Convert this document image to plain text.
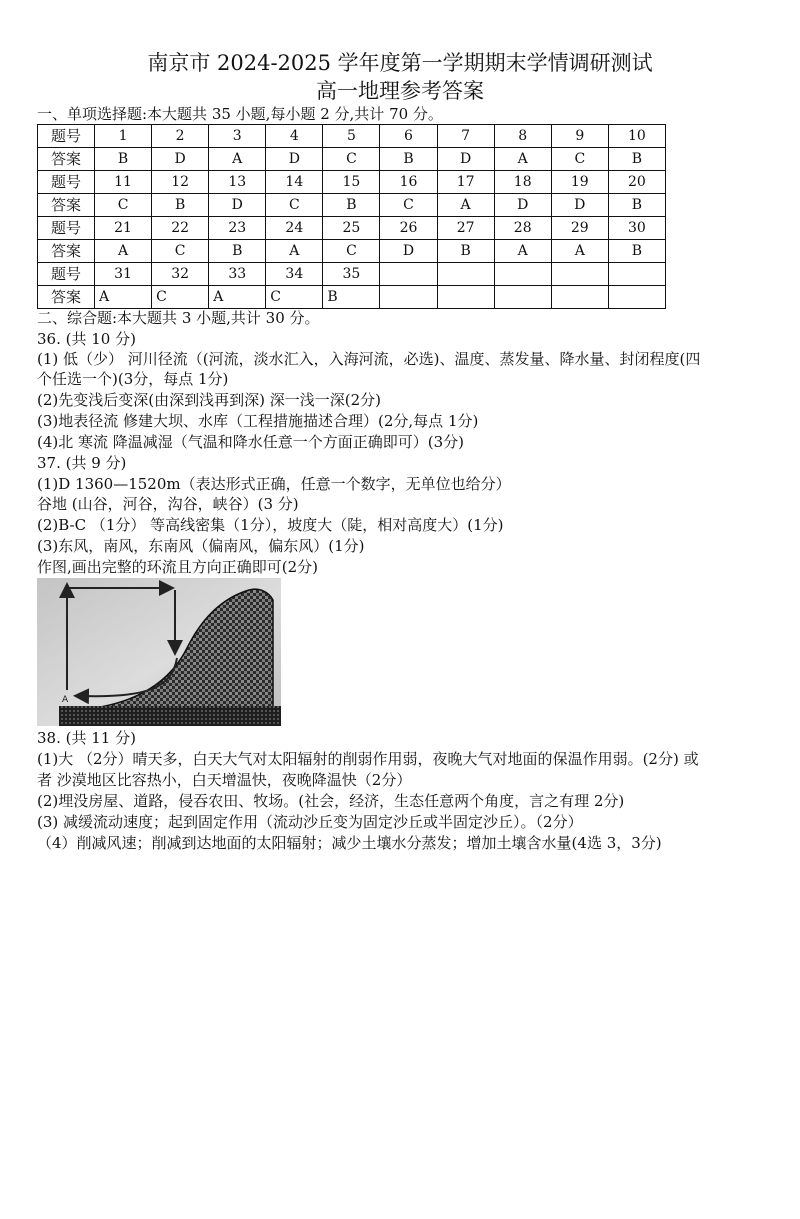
南京市 2024-2025 学年度第一学期期末学情调研测试
高一地理参考答案
一、单项选择题:本大题共 35 小题,每小题 2 分,共计 70 分。
题号	1	2	3	4	5	6	7	8	9	10
答案	B	D	A	D	C	B	D	A	C	B
题号	11	12	13	14	15	16	17	18	19	20
答案	C	B	D	C	B	C	A	D	D	B
题号	21	22	23	24	25	26	27	28	29	30
答案	A	C	B	A	C	D	B	A	A	B
题号	31	32	33	34	35					
答案	A	C	A	C	B					
二、综合题:本大题共 3 小题,共计 30 分。
36. (共 10 分)
(1) 低（少） 河川径流（(河流，淡水汇入，入海河流，必选)、温度、蒸发量、降水量、封闭程度(四
个任选一个)(3分，每点 1分)
(2)先变浅后变深(由深到浅再到深) 深一浅一深(2分)
(3)地表径流 修建大坝、水库（工程措施描述合理）(2分,每点 1分)
(4)北 寒流 降温减湿（气温和降水任意一个方面正确即可）(3分)
37. (共 9 分)
(1)D 1360—1520m（表达形式正确，任意一个数字，无单位也给分）
谷地 (山谷，河谷，沟谷，峡谷）(3 分)
(2)B-C （1分） 等高线密集（1分），坡度大（陡，相对高度大）(1分)
(3)东风，南风，东南风（偏南风，偏东风）(1分)
作图,画出完整的环流且方向正确即可(2分)
A
38. (共 11 分)
(1)大 （2分）晴天多，白天大气对太阳辐射的削弱作用弱，夜晚大气对地面的保温作用弱。(2分) 或
者 沙漠地区比容热小，白天增温快，夜晚降温快（2分）
(2)埋没房屋、道路，侵吞农田、牧场。(社会，经济，生态任意两个角度，言之有理 2分)
(3) 减缓流动速度；起到固定作用（流动沙丘变为固定沙丘或半固定沙丘）。（2分）
（4）削减风速；削减到达地面的太阳辐射；减少土壤水分蒸发；增加土壤含水量(4选 3，3分)
